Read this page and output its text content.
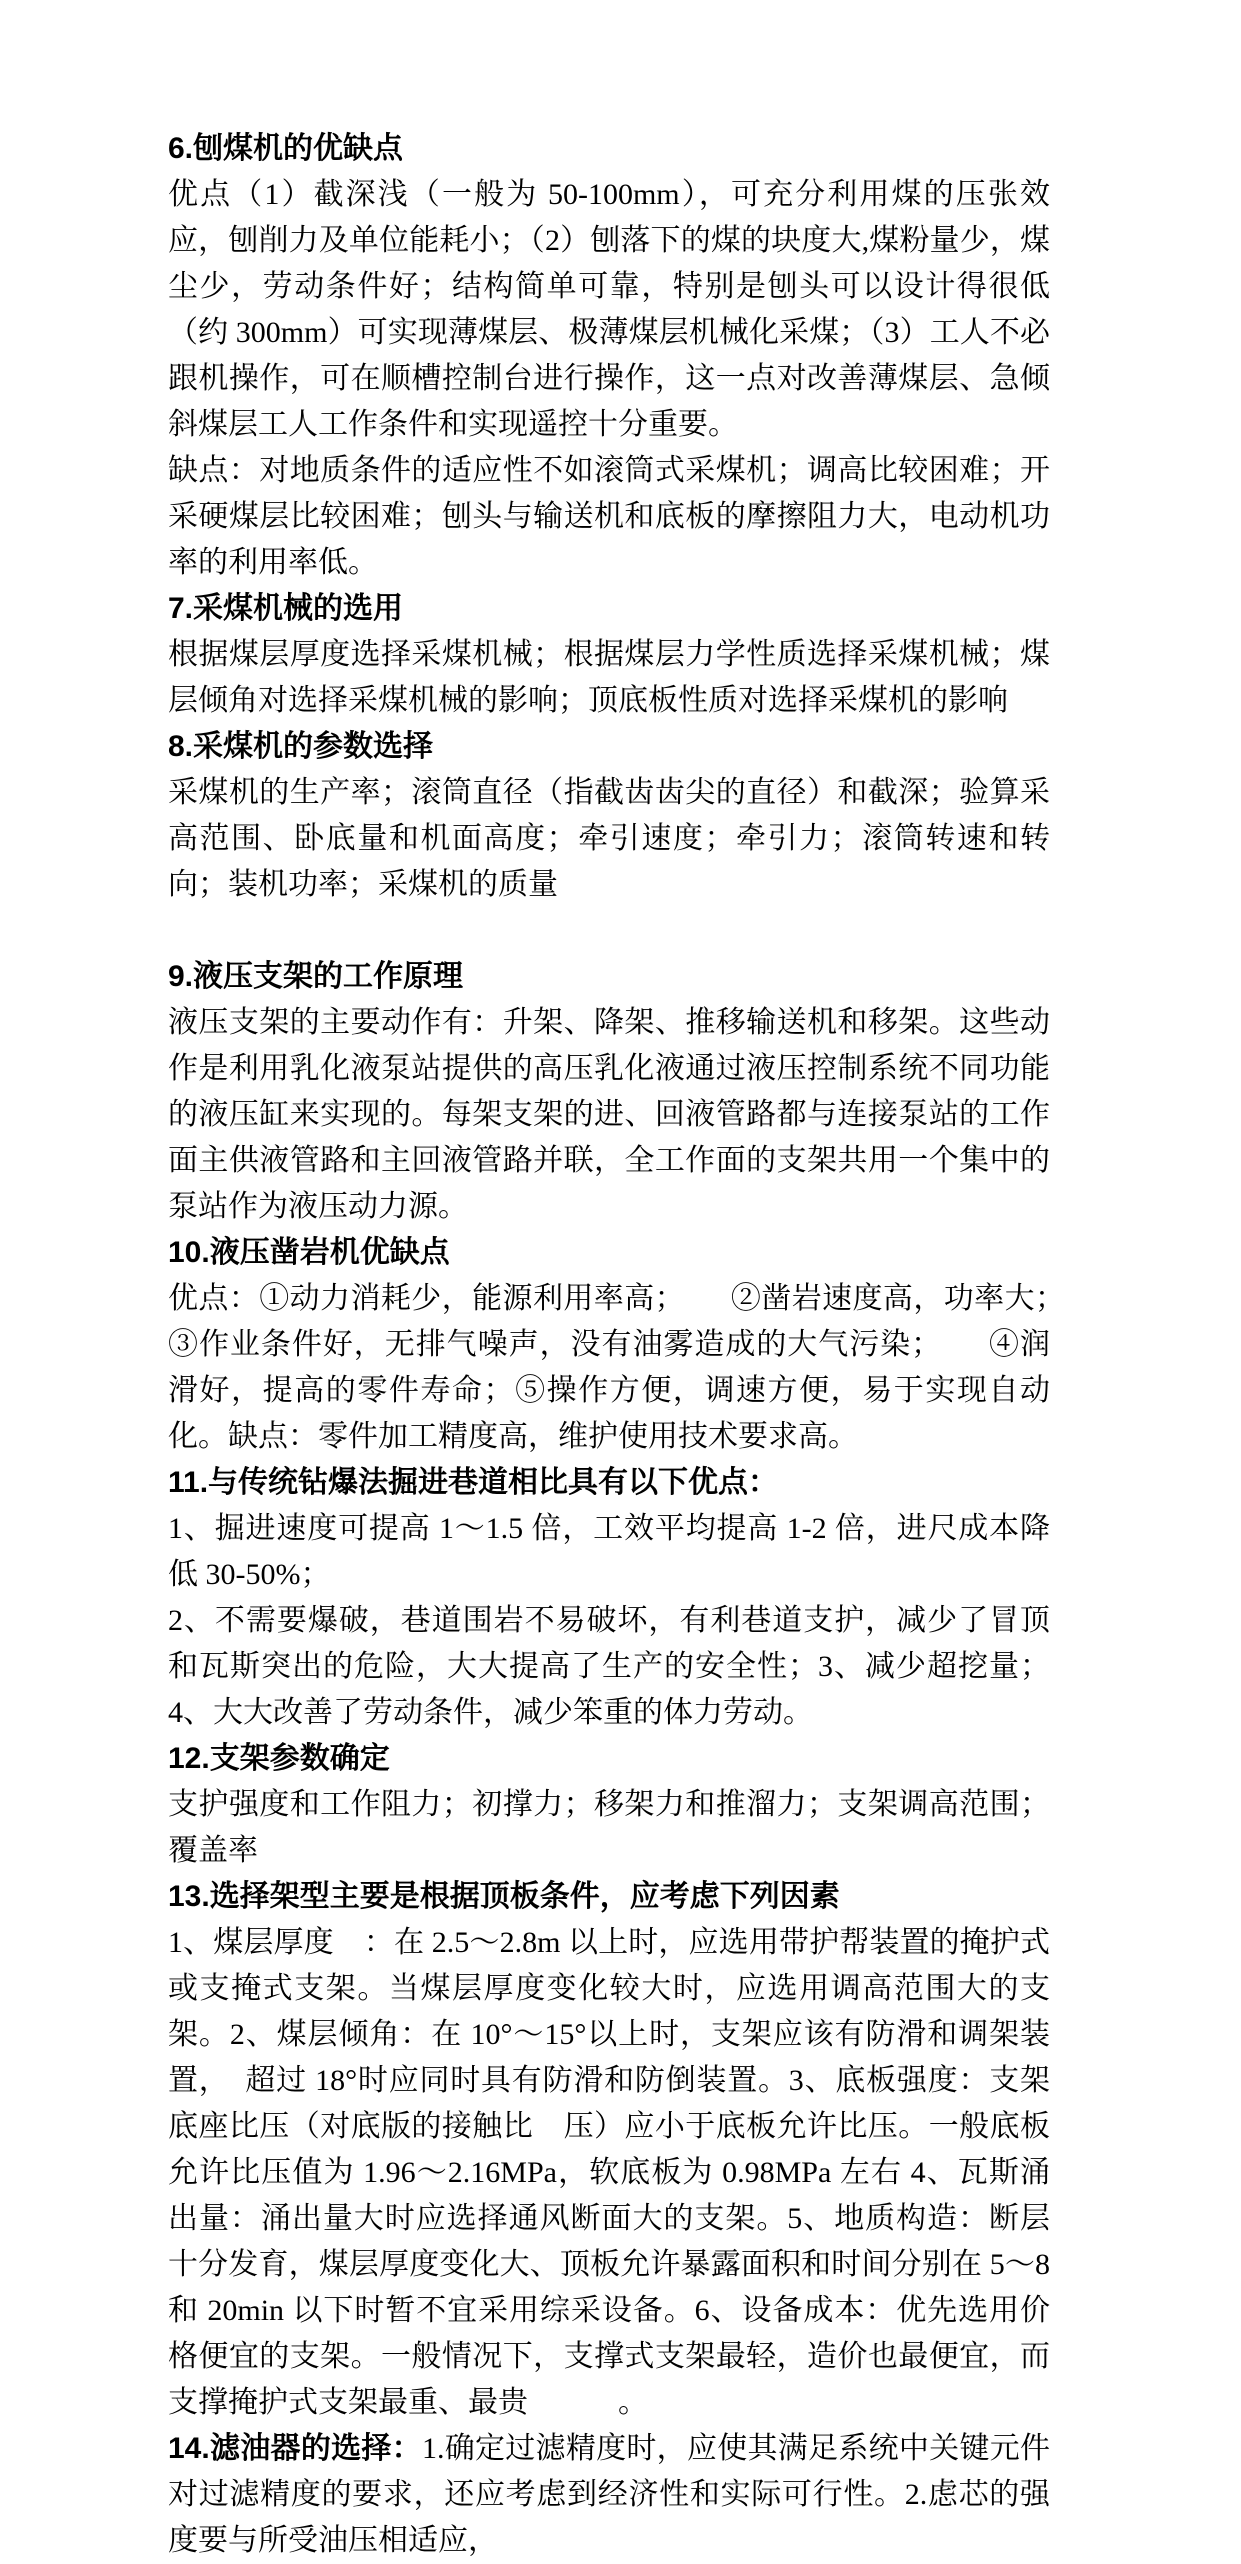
6.刨煤机的优缺点
优点（1）截深浅（一般为 50-100mm），可充分利用煤的压张效应，刨削力及单位能耗小；（2）刨落下的煤的块度大,煤粉量少，煤尘少，劳动条件好；结构简单可靠，特别是刨头可以设计得很低（约 300mm）可实现薄煤层、极薄煤层机械化采煤；（3）工人不必跟机操作，可在顺槽控制台进行操作，这一点对改善薄煤层、急倾斜煤层工人工作条件和实现遥控十分重要。
缺点：对地质条件的适应性不如滚筒式采煤机；调高比较困难；开采硬煤层比较困难；刨头与输送机和底板的摩擦阻力大，电动机功率的利用率低。
7.采煤机械的选用
根据煤层厚度选择采煤机械；根据煤层力学性质选择采煤机械；煤层倾角对选择采煤机械的影响；顶底板性质对选择采煤机的影响
8.采煤机的参数选择
采煤机的生产率；滚筒直径（指截齿齿尖的直径）和截深；验算采高范围、卧底量和机面高度；牵引速度；牵引力；滚筒转速和转向；装机功率；采煤机的质量
9.液压支架的工作原理
液压支架的主要动作有：升架、降架、推移输送机和移架。这些动作是利用乳化液泵站提供的高压乳化液通过液压控制系统不同功能的液压缸来实现的。每架支架的进、回液管路都与连接泵站的工作面主供液管路和主回液管路并联，全工作面的支架共用一个集中的泵站作为液压动力源。
10.液压凿岩机优缺点
优点：①动力消耗少，能源利用率高；　　②凿岩速度高，功率大；　　③作业条件好，无排气噪声，没有油雾造成的大气污染；　　④润滑好，提高的零件寿命；⑤操作方便，调速方便，易于实现自动化。缺点：零件加工精度高，维护使用技术要求高。
11.与传统钻爆法掘进巷道相比具有以下优点：
1、掘进速度可提高 1～1.5 倍，工效平均提高 1-2 倍，进尺成本降低 30-50%；
2、不需要爆破，巷道围岩不易破坏，有利巷道支护，减少了冒顶和瓦斯突出的危险，大大提高了生产的安全性；3、减少超挖量；4、大大改善了劳动条件，减少笨重的体力劳动。
12.支架参数确定
支护强度和工作阻力；初撑力；移架力和推溜力；支架调高范围；覆盖率
13.选择架型主要是根据顶板条件，应考虑下列因素
1、煤层厚度　：在 2.5～2.8m 以上时，应选用带护帮装置的掩护式或支掩式支架。当煤层厚度变化较大时，应选用调高范围大的支架。2、煤层倾角：在 10°～15°以上时，支架应该有防滑和调架装置，　超过 18°时应同时具有防滑和防倒装置。3、底板强度：支架底座比压（对底版的接触比　压）应小于底板允许比压。一般底板允许比压值为 1.96～2.16MPa，软底板为 0.98MPa 左右 4、瓦斯涌出量：涌出量大时应选择通风断面大的支架。5、地质构造：断层十分发育，煤层厚度变化大、顶板允许暴露面积和时间分别在 5～8 和 20min 以下时暂不宜采用综采设备。6、设备成本：优先选用价格便宜的支架。一般情况下，支撑式支架最轻，造价也最便宜，而支撑掩护式支架最重、最贵　　　。
14.滤油器的选择：1.确定过滤精度时，应使其满足系统中关键元件对过滤精度的要求，还应考虑到经济性和实际可行性。2.虑芯的强度要与所受油压相适应，
